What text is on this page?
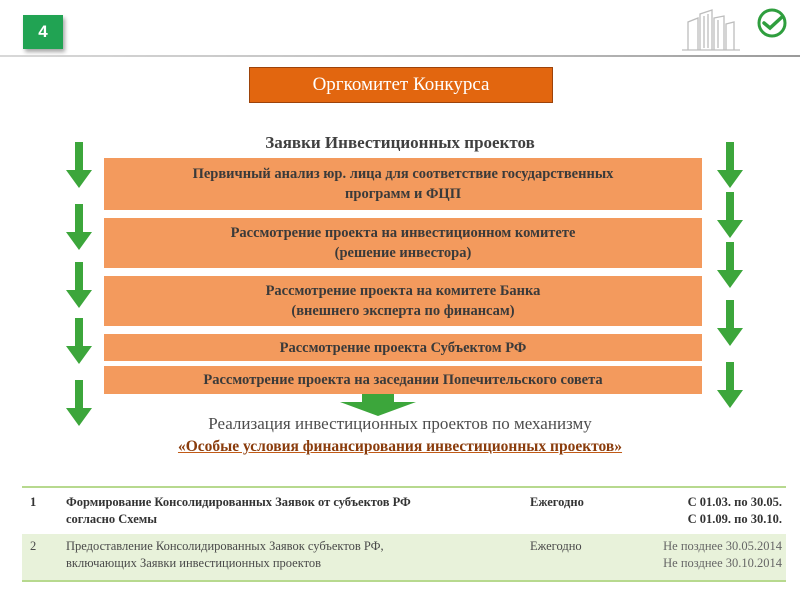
4
Оргкомитет Конкурса
Заявки Инвестиционных проектов
Первичный анализ юр. лица для соответствие государственных
программ и ФЦП
Рассмотрение проекта на инвестиционном комитете
(решение инвестора)
Рассмотрение проекта на комитете Банка
(внешнего эксперта по финансам)
Рассмотрение проекта Субъектом РФ
Рассмотрение проекта на заседании Попечительского совета
Реализация инвестиционных проектов по механизму
«Особые условия финансирования инвестиционных проектов»
1 Формирование Консолидированных Заявок от субъектов РФ
согласно Схемы
Ежегодно	С 01.03. по 30.05.
С 01.09. по 30.10.
2 Предоставление Консолидированных Заявок субъектов РФ,
включающих Заявки инвестиционных проектов
Ежегодно	Не позднее 30.05.2014
Не позднее 30.10.2014
